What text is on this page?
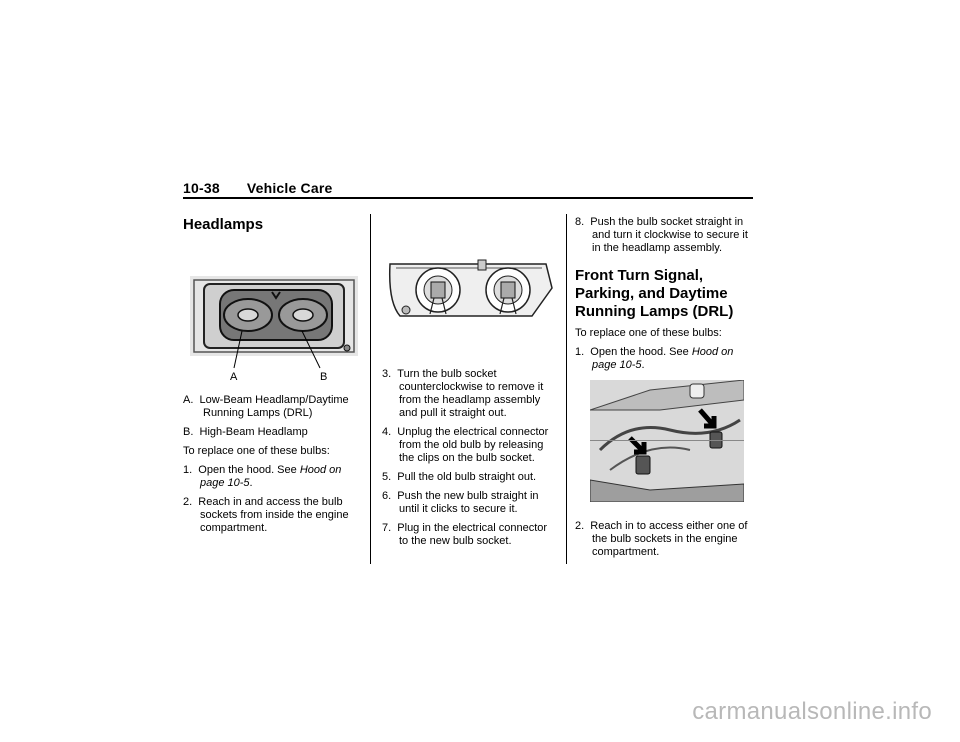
10-38 Vehicle Care
Headlamps
A	B

A.  Low-Beam Headlamp/Daytime Running Lamps (DRL)

B.  High-Beam Headlamp

To replace one of these bulbs:

1.  Open the hood. See Hood on page 10-5.

2.  Reach in and access the bulb sockets from inside the engine compartment.

3.  Turn the bulb socket counterclockwise to remove it from the headlamp assembly and pull it straight out.

4.  Unplug the electrical connector from the old bulb by releasing the clips on the bulb socket.

5.  Pull the old bulb straight out.

6.  Push the new bulb straight in until it clicks to secure it.

7.  Plug in the electrical connector to the new bulb socket.

8.  Push the bulb socket straight in and turn it clockwise to secure it in the headlamp assembly.

Front Turn Signal, Parking, and Daytime Running Lamps (DRL)

To replace one of these bulbs:

1.  Open the hood. See Hood on page 10-5.

2.  Reach in to access either one of the bulb sockets in the engine compartment.

carmanualsonline.info
